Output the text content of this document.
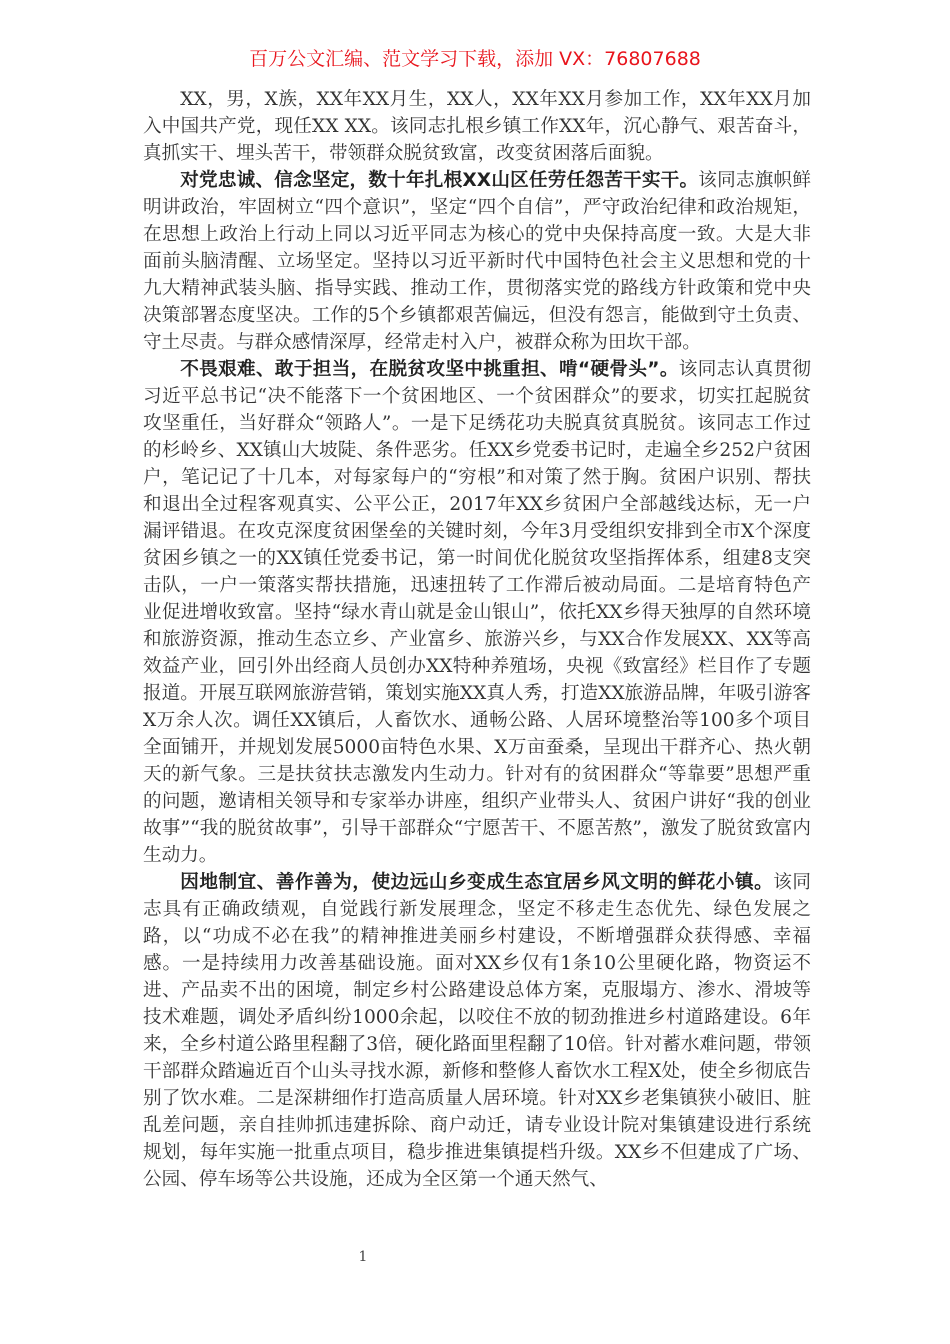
百万公文汇编、范文学习下载，添加 VX：76807688

XX，男，X族，XX年XX月生，XX人，XX年XX月参加工作，XX年XX月加入中国共产党，现任XX XX。该同志扎根乡镇工作XX年，沉心静气、艰苦奋斗，真抓实干、埋头苦干，带领群众脱贫致富，改变贫困落后面貌。

对党忠诚、信念坚定，数十年扎根XX山区任劳任怨苦干实干。该同志旗帜鲜明讲政治，牢固树立“四个意识”，坚定“四个自信”，严守政治纪律和政治规矩，在思想上政治上行动上同以习近平同志为核心的党中央保持高度一致。大是大非面前头脑清醒、立场坚定。坚持以习近平新时代中国特色社会主义思想和党的十九大精神武装头脑、指导实践、推动工作，贯彻落实党的路线方针政策和党中央决策部署态度坚决。工作的5个乡镇都艰苦偏远，但没有怨言，能做到守土负责、守土尽责。与群众感情深厚，经常走村入户，被群众称为田坎干部。

不畏艰难、敢于担当，在脱贫攻坚中挑重担、啃“硬骨头”。该同志认真贯彻习近平总书记“决不能落下一个贫困地区、一个贫困群众”的要求，切实扛起脱贫攻坚重任，当好群众“领路人”。一是下足绣花功夫脱真贫真脱贫。该同志工作过的杉岭乡、XX镇山大坡陡、条件恶劣。任XX乡党委书记时，走遍全乡252户贫困户，笔记记了十几本，对每家每户的“穷根”和对策了然于胸。贫困户识别、帮扶和退出全过程客观真实、公平公正，2017年XX乡贫困户全部越线达标，无一户漏评错退。在攻克深度贫困堡垒的关键时刻，今年3月受组织安排到全市X个深度贫困乡镇之一的XX镇任党委书记，第一时间优化脱贫攻坚指挥体系，组建8支突击队，一户一策落实帮扶措施，迅速扭转了工作滞后被动局面。二是培育特色产业促进增收致富。坚持“绿水青山就是金山银山”，依托XX乡得天独厚的自然环境和旅游资源，推动生态立乡、产业富乡、旅游兴乡，与XX合作发展XX、XX等高效益产业，回引外出经商人员创办XX特种养殖场，央视《致富经》栏目作了专题报道。开展互联网旅游营销，策划实施XX真人秀，打造XX旅游品牌，年吸引游客X万余人次。调任XX镇后，人畜饮水、通畅公路、人居环境整治等100多个项目全面铺开，并规划发展5000亩特色水果、X万亩蚕桑，呈现出干群齐心、热火朝天的新气象。三是扶贫扶志激发内生动力。针对有的贫困群众“等靠要”思想严重的问题，邀请相关领导和专家举办讲座，组织产业带头人、贫困户讲好“我的创业故事”“我的脱贫故事”，引导干部群众“宁愿苦干、不愿苦熬”，激发了脱贫致富内生动力。

因地制宜、善作善为，使边远山乡变成生态宜居乡风文明的鲜花小镇。该同志具有正确政绩观，自觉践行新发展理念，坚定不移走生态优先、绿色发展之路，以“功成不必在我”的精神推进美丽乡村建设，不断增强群众获得感、幸福感。一是持续用力改善基础设施。面对XX乡仅有1条10公里硬化路，物资运不进、产品卖不出的困境，制定乡村公路建设总体方案，克服塌方、渗水、滑坡等技术难题，调处矛盾纠纷1000余起，以咬住不放的韧劲推进乡村道路建设。6年来，全乡村道公路里程翻了3倍，硬化路面里程翻了10倍。针对蓄水难问题，带领干部群众踏遍近百个山头寻找水源，新修和整修人畜饮水工程X处，使全乡彻底告别了饮水难。二是深耕细作打造高质量人居环境。针对XX乡老集镇狭小破旧、脏乱差问题，亲自挂帅抓违建拆除、商户动迁，请专业设计院对集镇建设进行系统规划，每年实施一批重点项目，稳步推进集镇提档升级。XX乡不但建成了广场、公园、停车场等公共设施，还成为全区第一个通天然气、

1
